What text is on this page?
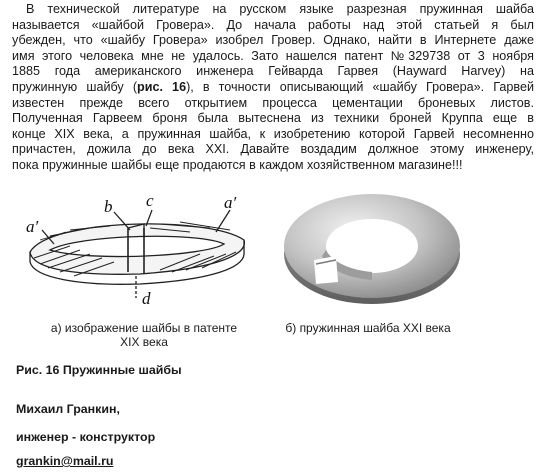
В технической литературе на русском языке разрезная пружинная шайба
называется «шайбой Гровера». До начала работы над этой статьей я был
убежден, что «шайбу Гровера» изобрел Гровер. Однако, найти в Интернете даже
имя этого человека мне не удалось. Зато нашелся патент №329738 от 3 ноября
1885 года американского инженера Гейварда Гарвея (Hayward Harvey) на
пружинную шайбу (рис. 16), в точности описывающий «шайбу Гровера». Гарвей
известен прежде всего открытием процесса цементации броневых листов.
Полученная Гарвеем броня была вытеснена из техники броней Круппа еще в
конце XIX века, а пружинная шайба, к изобретению которой Гарвей несомненно
причастен, дожила до века XXI. Давайте воздадим должное этому инженеру,
пока пружинные шайбы еще продаются в каждом хозяйственном магазине!!!
a′
b c	a′
d
а) изображение шайбы в патенте
XIX века
б) пружинная шайба XXI века
Рис. 16 Пружинные шайбы
Михаил Гранкин,
инженер - конструктор
grankin@mail.ru
